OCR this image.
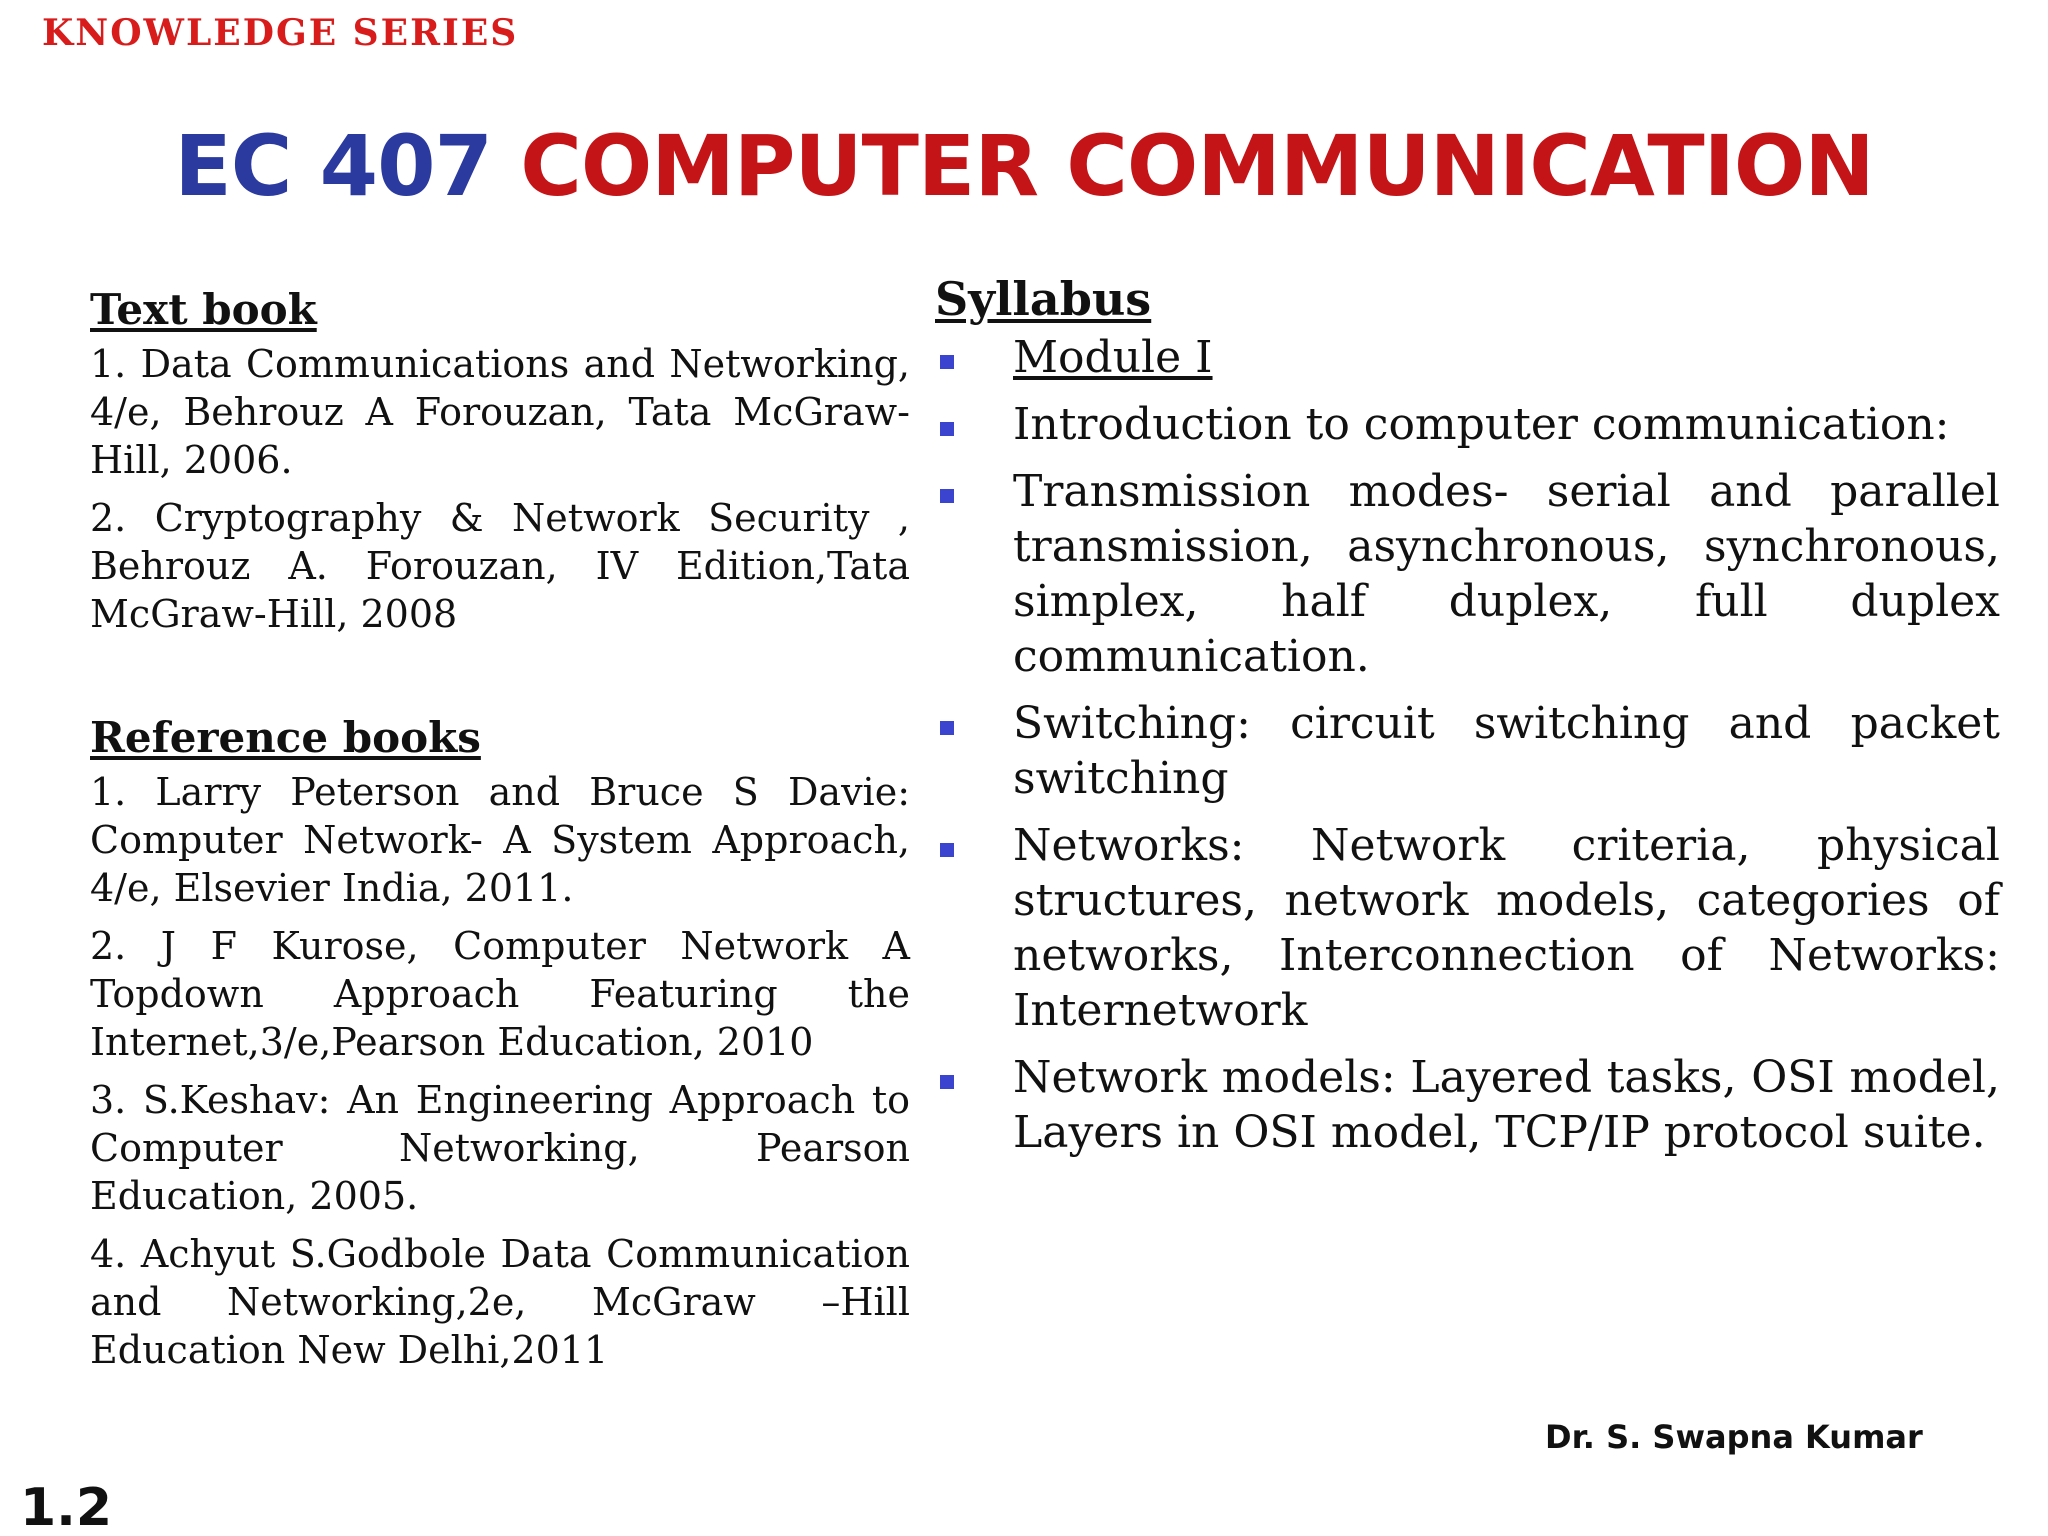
KNOWLEDGE SERIES
EC 407 COMPUTER COMMUNICATION

Text book

1. Data Communications and Networking, 4/e, Behrouz A Forouzan, Tata McGraw-Hill, 2006.
2. Cryptography & Network Security , Behrouz A. Forouzan, IV Edition,Tata McGraw-Hill, 2008

Reference books

1. Larry Peterson and Bruce S Davie: Computer Network- A System Approach, 4/e, Elsevier India, 2011.
2. J F Kurose, Computer Network A Topdown Approach Featuring the Internet,3/e,Pearson Education, 2010
3. S.Keshav: An Engineering Approach to Computer Networking, Pearson Education, 2005.
4. Achyut S.Godbole Data Communication and Networking,2e, McGraw –Hill Education New Delhi,2011

Syllabus

Module I
Introduction to computer communication:
Transmission modes- serial and parallel transmission, asynchronous, synchronous, simplex, half duplex, full duplex communication.
Switching: circuit switching and packet switching
Networks: Network criteria, physical structures, network models, categories of networks, Interconnection of Networks: Internetwork
Network models: Layered tasks, OSI model, Layers in OSI model, TCP/IP protocol suite.
Dr. S. Swapna Kumar
1.2
